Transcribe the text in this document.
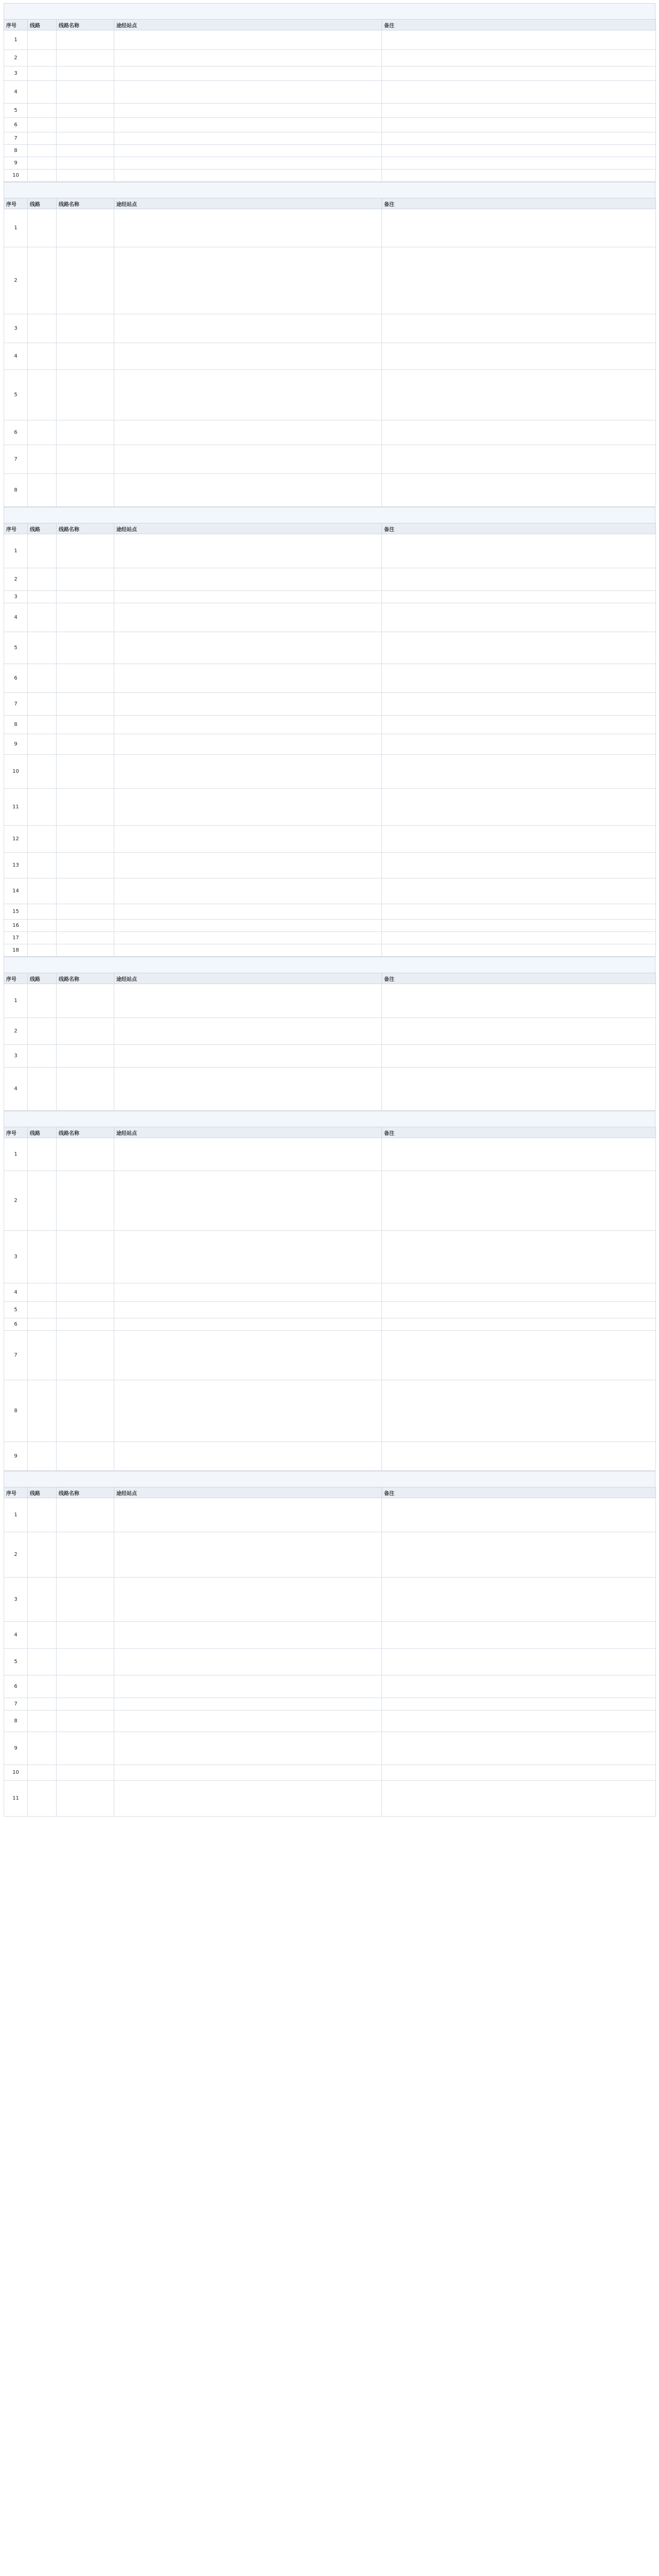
序号	线路	线路名称	途经站点	备注
1				

2				

3				

4				

5				

6				

7				

8				

9				

10				
序号	线路	线路名称	途经站点	备注
1				

2				

3				

4				

5				

6				

7				

8				
序号	线路	线路名称	途经站点	备注
1				

2				

3				

4				

5				

6				

7				

8				

9				

10				

11				

12				

13				

14				

15				

16				

17				

18				
序号	线路	线路名称	途经站点	备注
1				

2				

3				

4				
序号	线路	线路名称	途经站点	备注
1				

2				

3				

4				

5				

6				

7				

8				

9				
序号	线路	线路名称	途经站点	备注
1				

2				

3				

4				

5				

6				

7				

8				

9				

10				

11				
